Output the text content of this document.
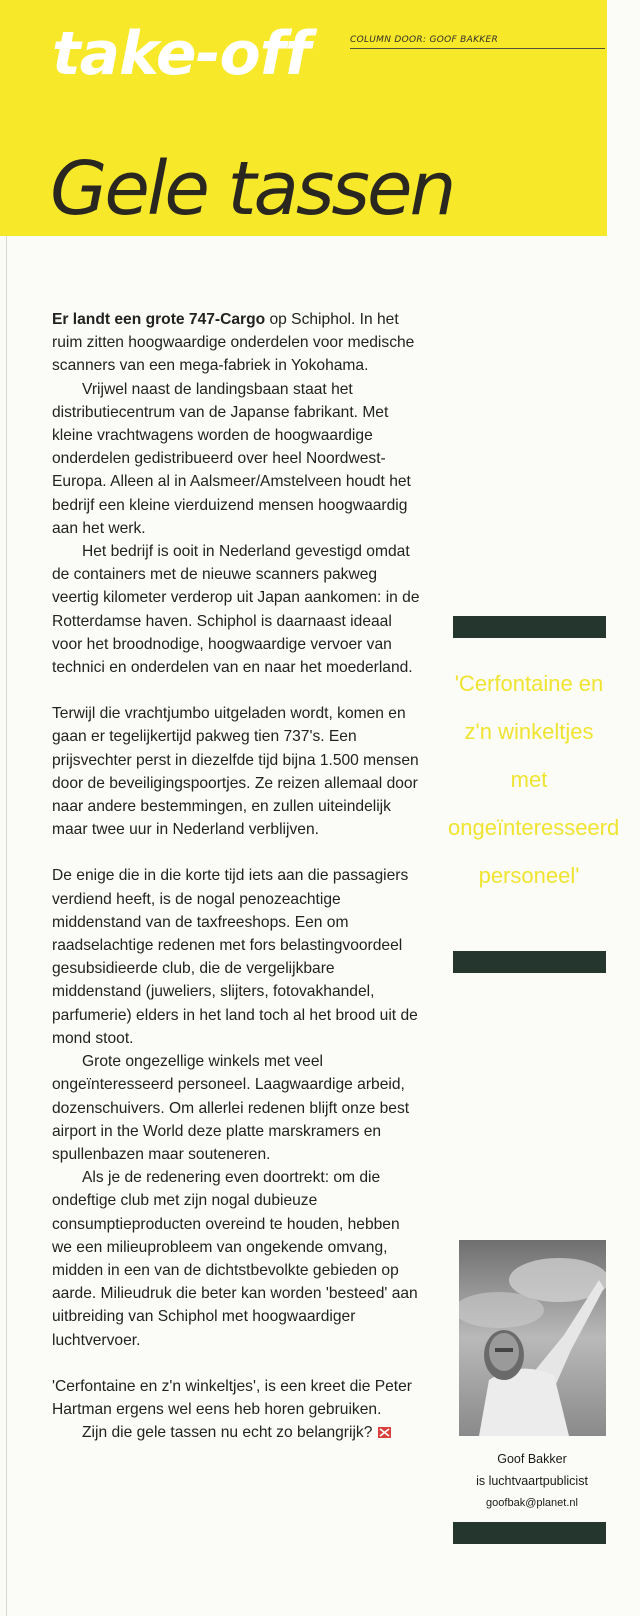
take-off	COLUMN DOOR: GOOF BAKKER
Gele tassen

Er landt een grote 747-Cargo op Schiphol. In het ruim zitten hoogwaardige onderdelen voor medische scanners van een mega-fabriek in Yokohama.

Vrijwel naast de landingsbaan staat het distributiecentrum van de Japanse fabrikant. Met kleine vrachtwagens worden de hoogwaardige onderdelen gedistribueerd over heel Noordwest-Europa. Alleen al in Aalsmeer/Amstelveen houdt het bedrijf een kleine vierduizend mensen hoogwaardig aan het werk.

Het bedrijf is ooit in Nederland gevestigd omdat de containers met de nieuwe scanners pakweg veertig kilometer verderop uit Japan aankomen: in de Rotterdamse haven. Schiphol is daarnaast ideaal voor het broodnodige, hoogwaardige vervoer van technici en onderdelen van en naar het moederland.

Terwijl die vrachtjumbo uitgeladen wordt, komen en gaan er tegelijkertijd pakweg tien 737's. Een prijsvechter perst in diezelfde tijd bijna 1.500 mensen door de beveiligingspoortjes. Ze reizen allemaal door naar andere bestemmingen, en zullen uiteindelijk maar twee uur in Nederland verblijven.

De enige die in die korte tijd iets aan die passagiers verdiend heeft, is de nogal penozeachtige middenstand van de taxfreeshops. Een om raadselachtige redenen met fors belastingvoordeel gesubsidieerde club, die de vergelijkbare middenstand (juweliers, slijters, fotovakhandel, parfumerie) elders in het land toch al het brood uit de mond stoot.

Grote ongezellige winkels met veel ongeïnteresseerd personeel. Laagwaardige arbeid, dozenschuivers. Om allerlei redenen blijft onze best airport in the World deze platte marskramers en spullenbazen maar souteneren.

Als je de redenering even doortrekt: om die ondeftige club met zijn nogal dubieuze consumptieproducten overeind te houden, hebben we een milieuprobleem van ongekende omvang, midden in een van de dichtstbevolkte gebieden op aarde. Milieudruk die beter kan worden 'besteed' aan uitbreiding van Schiphol met hoogwaardiger luchtvervoer.

'Cerfontaine en z'n winkeltjes', is een kreet die Peter Hartman ergens wel eens heb horen gebruiken.

Zijn die gele tassen nu echt zo belangrijk?

'Cerfontaine en z'n winkeltjes met ongeïnteresseerd personeel'
Goof Bakker
is luchtvaartpublicist
goofbak@planet.nl
